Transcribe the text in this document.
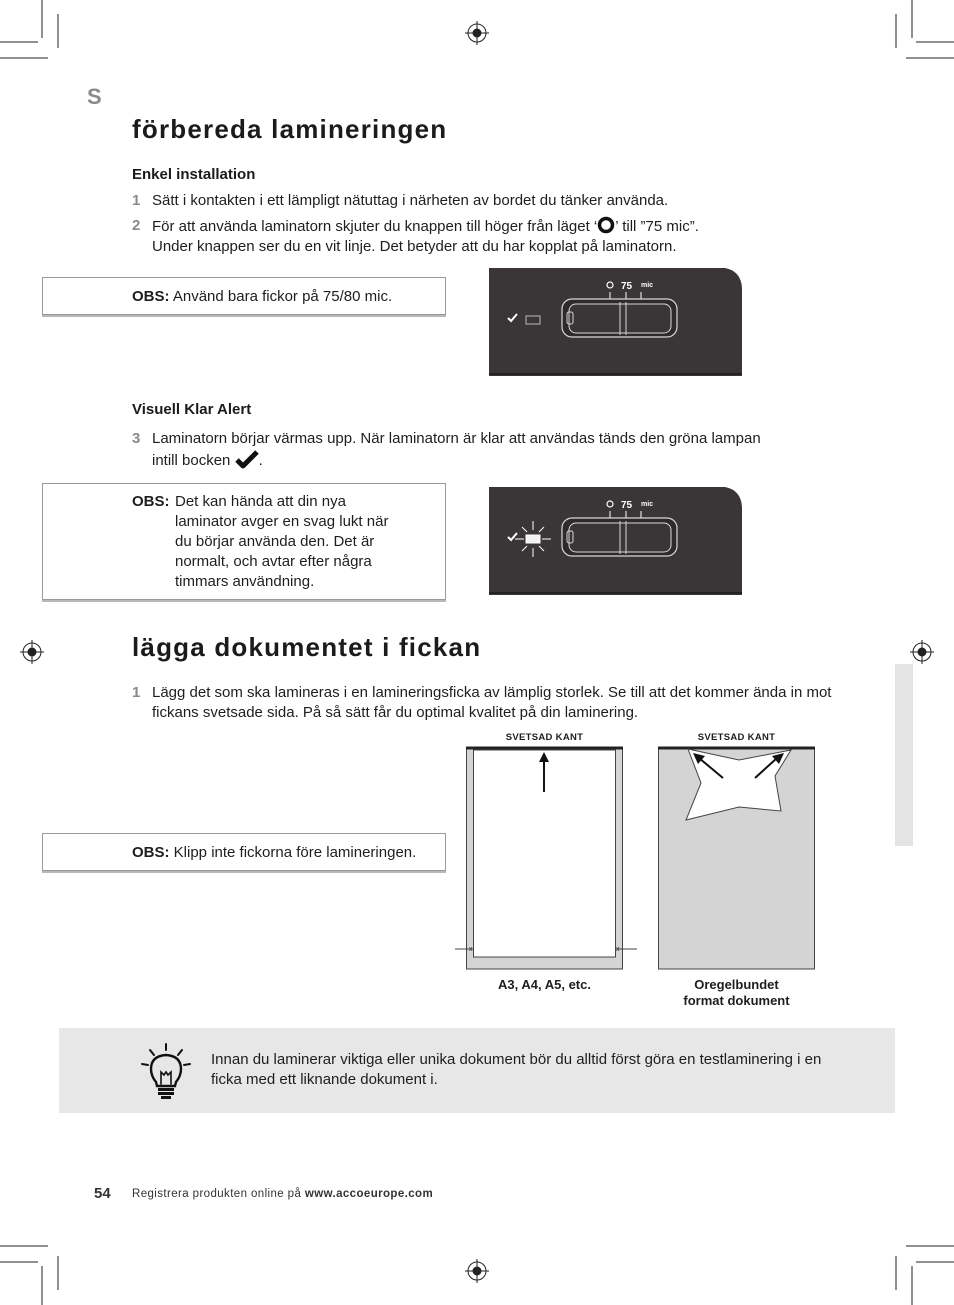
S
förbereda lamineringen
Enkel installation
1 Sätt i kontakten i ett lämpligt nätuttag i närheten av bordet du tänker använda.
2 För att använda laminatorn skjuter du knappen till höger från läget ‘ ’ till ”75 mic”.
Under knappen ser du en vit linje. Det betyder att du har kopplat på laminatorn.
OBS: Använd bara fickor på 75/80 mic.
75 mic
Visuell Klar Alert
3 Laminatorn börjar värmas upp. När laminatorn är klar att användas tänds den gröna lampan
intill bocken .
OBS: Det kan hända att din nya laminator avger en svag lukt när du börjar använda den. Det är normalt, och avtar efter några timmars användning.
75 mic
lägga dokumentet i fickan
1 Lägg det som ska lamineras i en lamineringsficka av lämplig storlek. Se till att det kommer ända in mot fickans svetsade sida. På så sätt får du optimal kvalitet på din laminering.
OBS: Klipp inte fickorna före lamineringen.
SVETSAD KANT	SVETSAD KANT
x	x
A3, A4, A5, etc.	Oregelbundet
format dokument
Innan du laminerar viktiga eller unika dokument bör du alltid först göra en testlaminering i en ficka med ett liknande dokument i.
54 Registrera produkten online på www.accoeurope.com
